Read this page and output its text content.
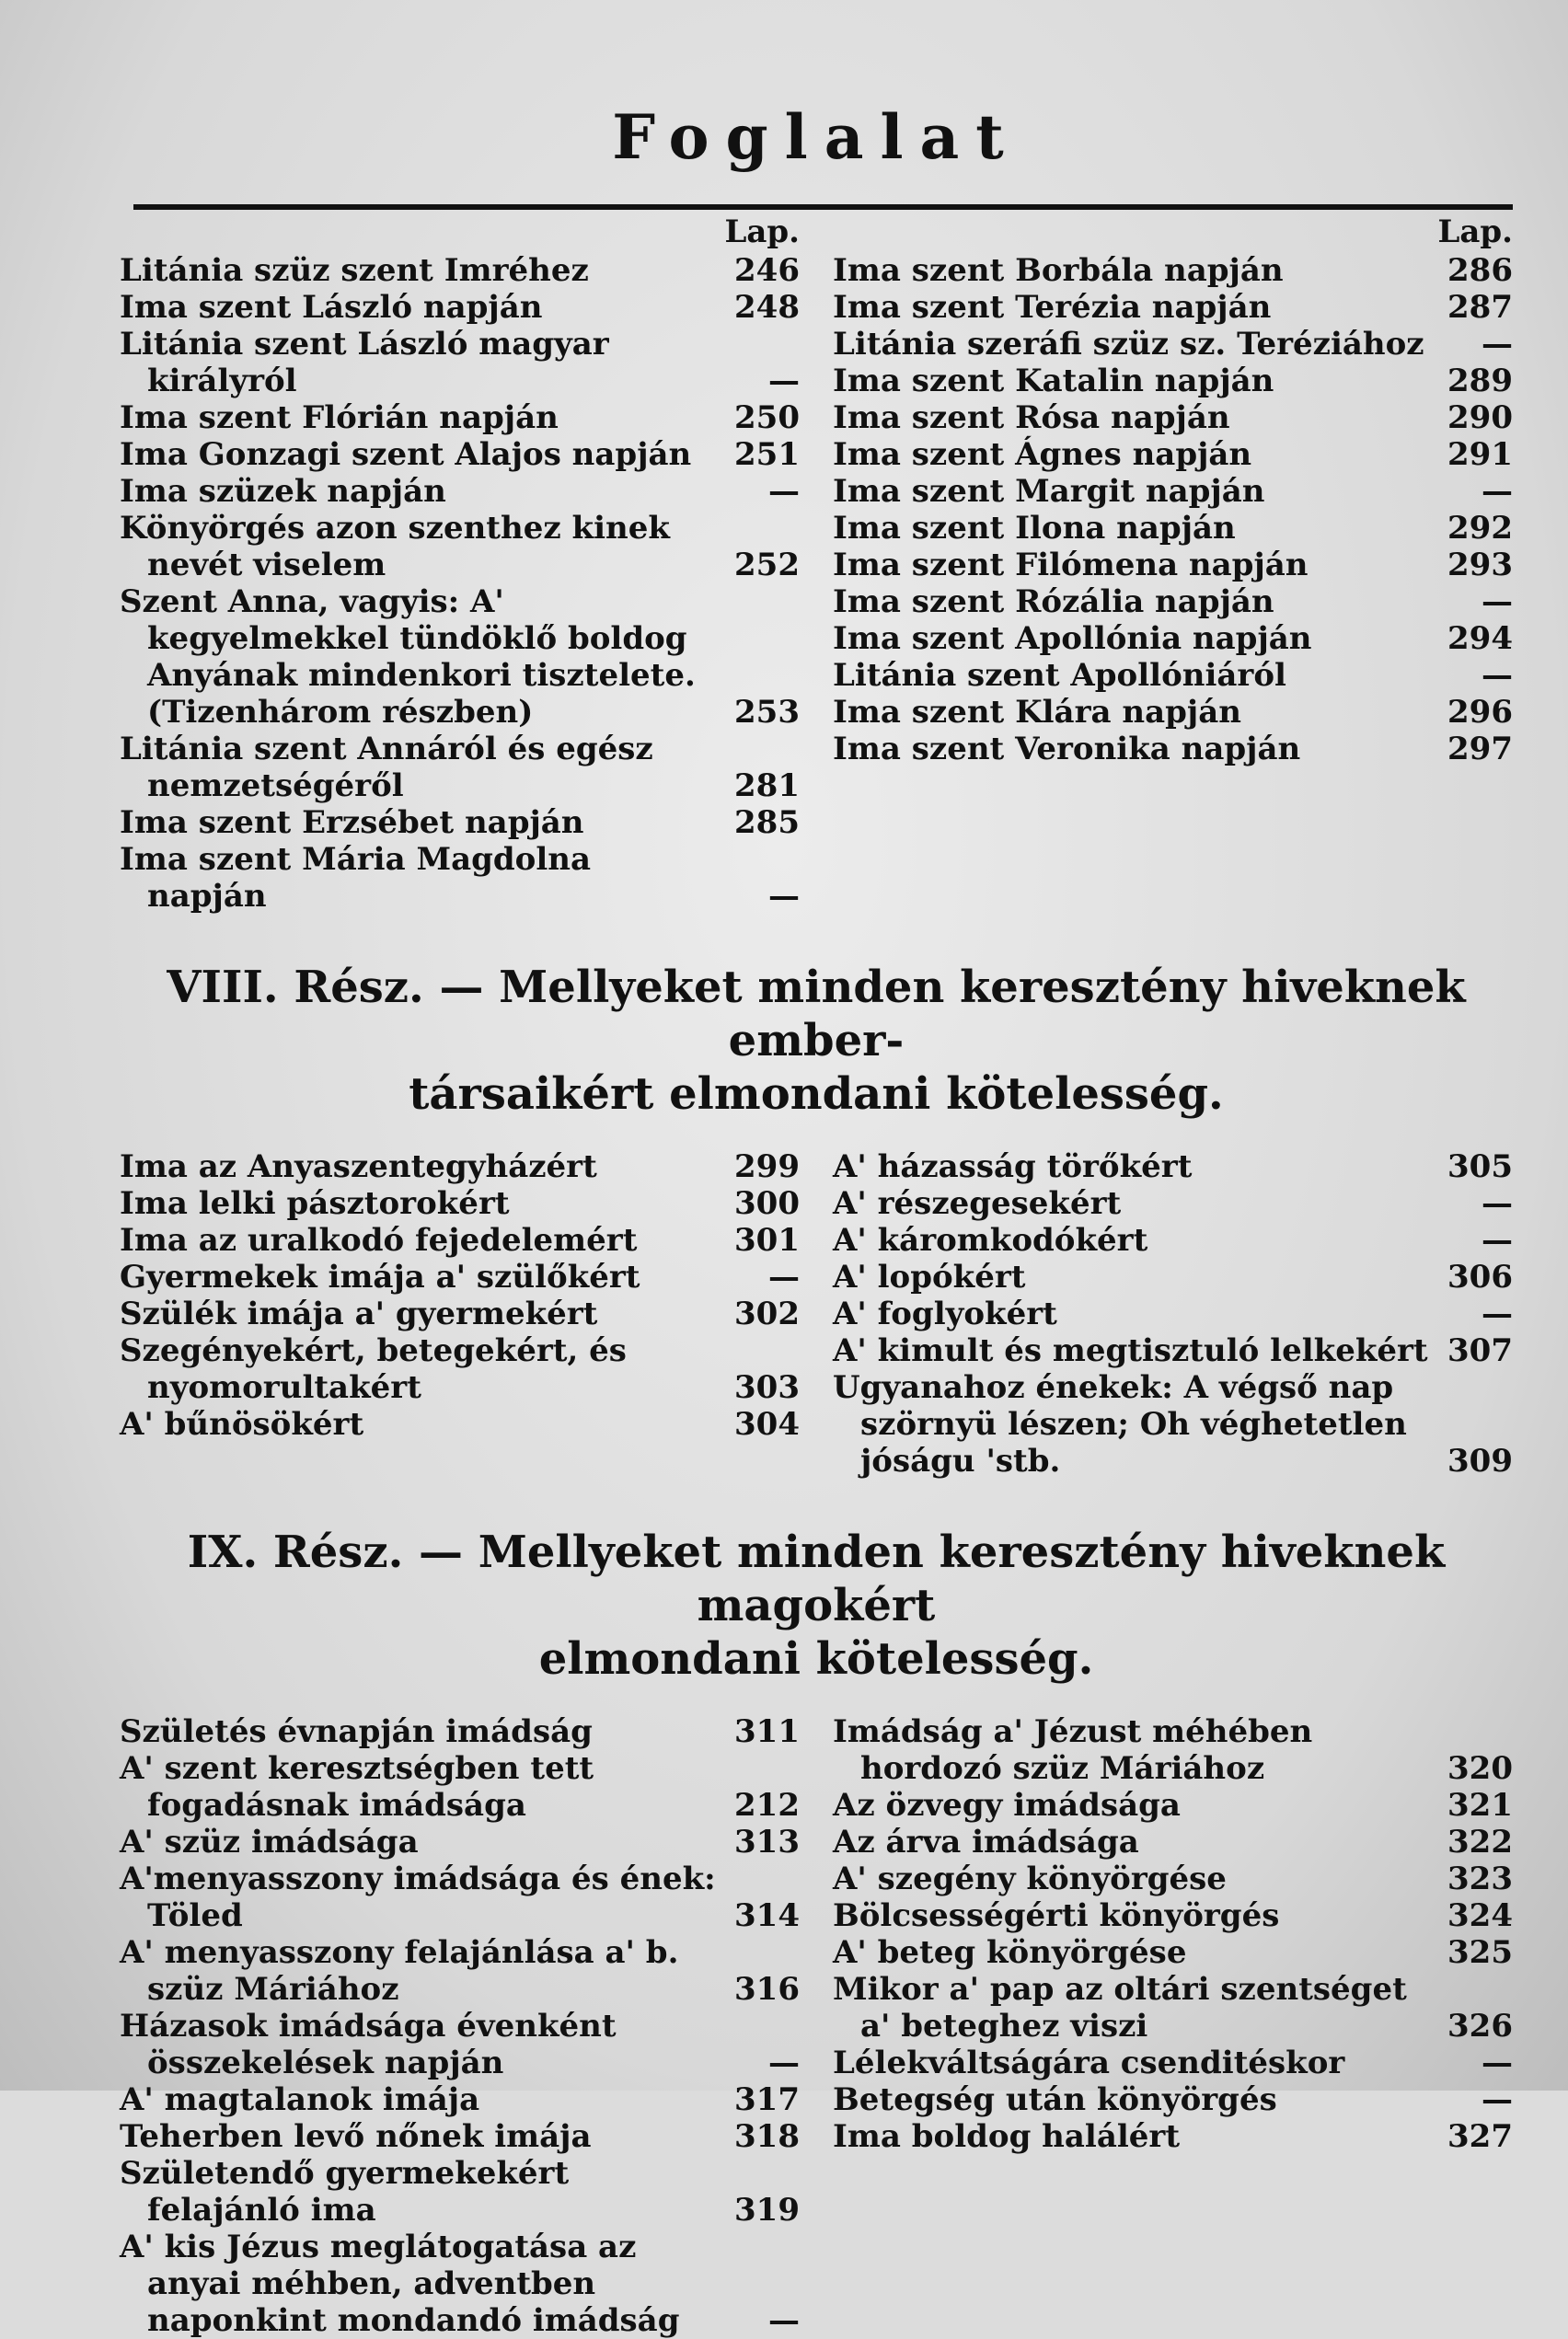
Foglalat
Lap.
Litánia szüz szent Imréhez	246
Ima szent László napján	248
Litánia szent László magyar királyról	—
Ima szent Flórián napján	250
Ima Gonzagi szent Alajos napján	251
Ima szüzek napján	—
Könyörgés azon szenthez kinek nevét viselem	252
Szent Anna, vagyis: A' kegyelmekkel tündöklő boldog Anyának mindenkori tisztelete. (Tizenhárom részben)	253
Litánia szent Annáról és egész nemzetségéről	281
Ima szent Erzsébet napján	285
Ima szent Mária Magdolna napján	—
Lap.
Ima szent Borbála napján	286
Ima szent Terézia napján	287
Litánia szeráfi szüz sz. Teréziához	—
Ima szent Katalin napján	289
Ima szent Rósa napján	290
Ima szent Ágnes napján	291
Ima szent Margit napján	—
Ima szent Ilona napján	292
Ima szent Filómena napján	293
Ima szent Rózália napján	—
Ima szent Apollónia napján	294
Litánia szent Apollóniáról	—
Ima szent Klára napján	296
Ima szent Veronika napján	297
VIII. Rész. — Mellyeket minden keresztény hiveknek ember-
társaikért elmondani kötelesség.
Ima az Anyaszentegyházért	299
Ima lelki pásztorokért	300
Ima az uralkodó fejedelemért	301
Gyermekek imája a' szülőkért	—
Szülék imája a' gyermekért	302
Szegényekért, betegekért, és nyomorultakért	303
A' bűnösökért	304
A' házasság törőkért	305
A' részegesekért	—
A' káromkodókért	—
A' lopókért	306
A' foglyokért	—
A' kimult és megtisztuló lelkekért 307
Ugyanahoz énekek: A végső nap szörnyü lészen; Oh véghetetlen jóságu 'stb.	309
IX. Rész. — Mellyeket minden keresztény hiveknek magokért
elmondani kötelesség.
Születés évnapján imádság	311
A' szent keresztségben tett fogadásnak imádsága	212
A' szüz imádsága	313
A'menyasszony imádsága és ének: Töled	314
A' menyasszony felajánlása a' b. szüz Máriához	316
Házasok imádsága évenként összekelések napján	—
A' magtalanok imája	317
Teherben levő nőnek imája	318
Születendő gyermekekért felajánló ima	319
A' kis Jézus meglátogatása az anyai méhben, adventben naponkint mondandó imádság	—
Imádság a' Jézust méhében hordozó szüz Máriához	320
Az özvegy imádsága	321
Az árva imádsága	322
A' szegény könyörgése	323
Bölcsességérti könyörgés	324
A' beteg könyörgése	325
Mikor a' pap az oltári szentséget a' beteghez viszi	326
Lélekváltságára csenditéskor	—
Betegség után könyörgés	—
Ima boldog halálért	327
